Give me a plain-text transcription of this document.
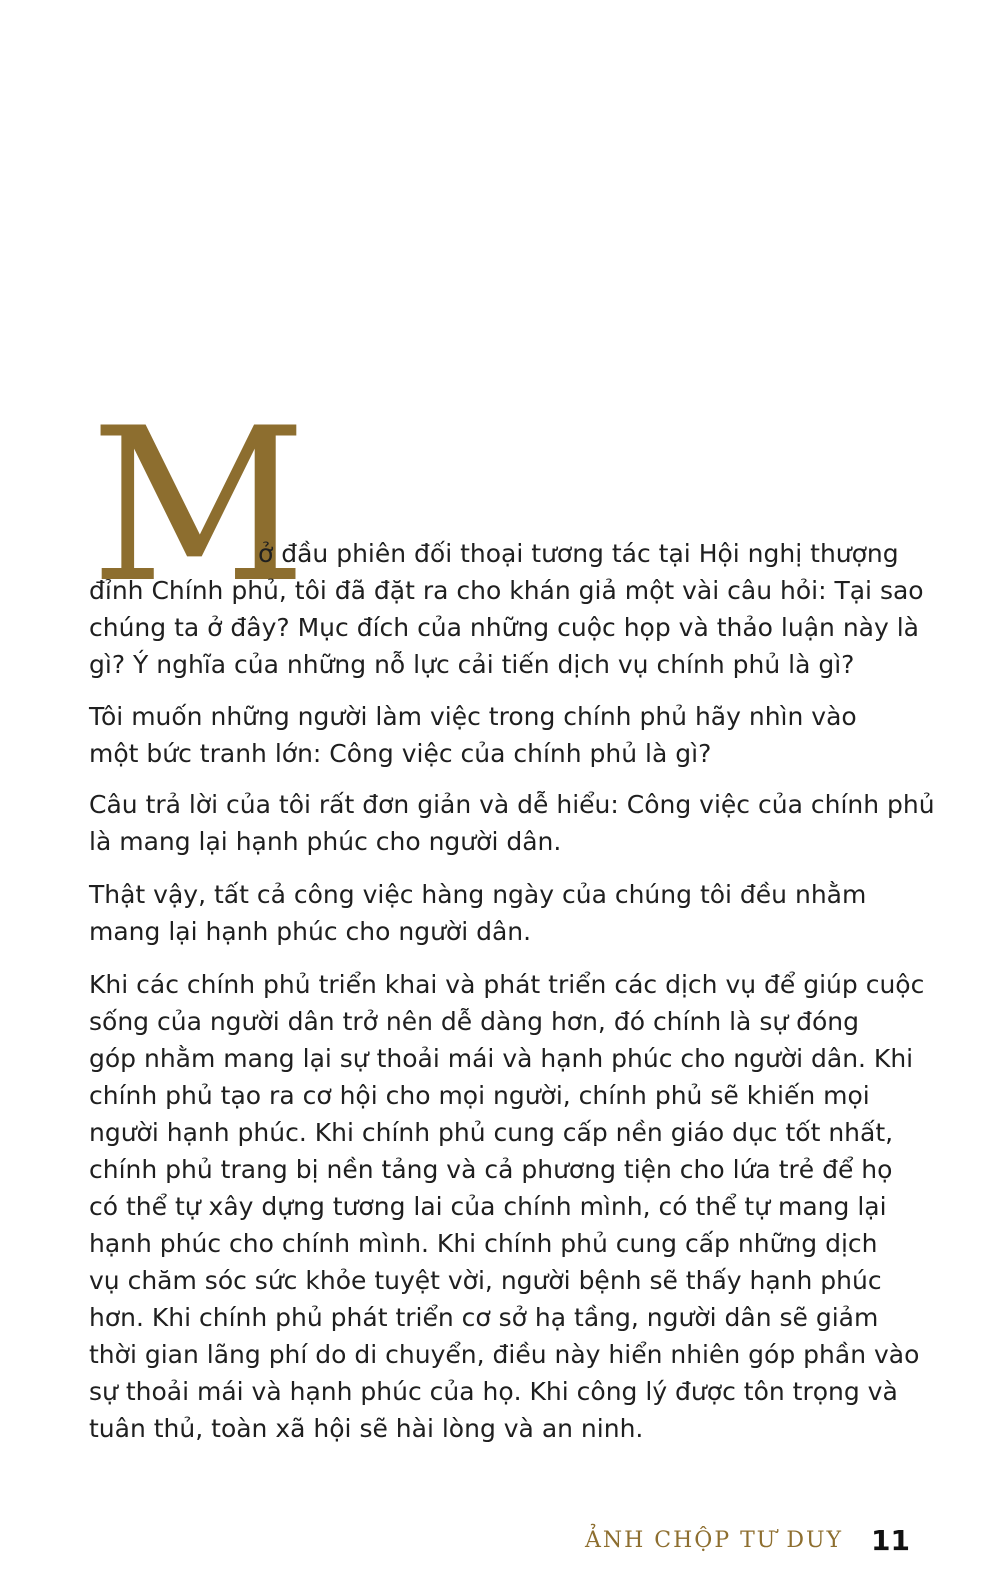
M
ở đầu phiên đối thoại tương tác tại Hội nghị thượng
đỉnh Chính phủ, tôi đã đặt ra cho khán giả một vài câu hỏi: Tại sao
chúng ta ở đây? Mục đích của những cuộc họp và thảo luận này là
gì? Ý nghĩa của những nỗ lực cải tiến dịch vụ chính phủ là gì?
Tôi muốn những người làm việc trong chính phủ hãy nhìn vào
một bức tranh lớn: Công việc của chính phủ là gì?
Câu trả lời của tôi rất đơn giản và dễ hiểu: Công việc của chính phủ
là mang lại hạnh phúc cho người dân.
Thật vậy, tất cả công việc hàng ngày của chúng tôi đều nhằm
mang lại hạnh phúc cho người dân.
Khi các chính phủ triển khai và phát triển các dịch vụ để giúp cuộc
sống của người dân trở nên dễ dàng hơn, đó chính là sự đóng
góp nhằm mang lại sự thoải mái và hạnh phúc cho người dân. Khi
chính phủ tạo ra cơ hội cho mọi người, chính phủ sẽ khiến mọi
người hạnh phúc. Khi chính phủ cung cấp nền giáo dục tốt nhất,
chính phủ trang bị nền tảng và cả phương tiện cho lứa trẻ để họ
có thể tự xây dựng tương lai của chính mình, có thể tự mang lại
hạnh phúc cho chính mình. Khi chính phủ cung cấp những dịch
vụ chăm sóc sức khỏe tuyệt vời, người bệnh sẽ thấy hạnh phúc
hơn. Khi chính phủ phát triển cơ sở hạ tầng, người dân sẽ giảm
thời gian lãng phí do di chuyển, điều này hiển nhiên góp phần vào
sự thoải mái và hạnh phúc của họ. Khi công lý được tôn trọng và
tuân thủ, toàn xã hội sẽ hài lòng và an ninh.
ẢNH CHỘP TƯ DUY 11
